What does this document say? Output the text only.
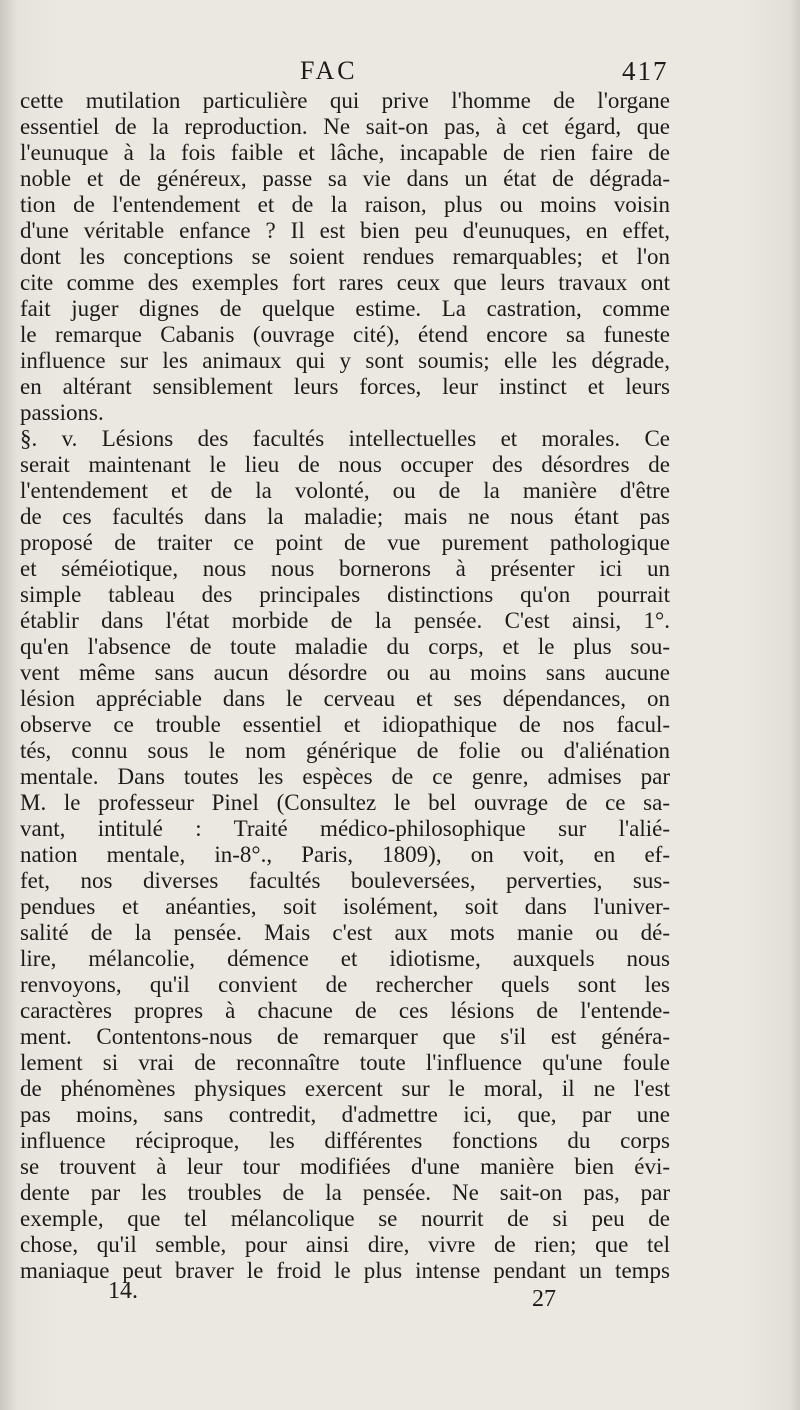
FAC	417
cette mutilation particulière qui prive l'homme de l'organe
essentiel de la reproduction. Ne sait-on pas, à cet égard, que
l'eunuque à la fois faible et lâche, incapable de rien faire de
noble et de généreux, passe sa vie dans un état de dégrada-
tion de l'entendement et de la raison, plus ou moins voisin
d'une véritable enfance ? Il est bien peu d'eunuques, en effet,
dont les conceptions se soient rendues remarquables; et l'on
cite comme des exemples fort rares ceux que leurs travaux ont
fait juger dignes de quelque estime. La castration, comme
le remarque Cabanis (ouvrage cité), étend encore sa funeste
influence sur les animaux qui y sont soumis; elle les dégrade,
en altérant sensiblement leurs forces, leur instinct et leurs
passions.
§. v. Lésions des facultés intellectuelles et morales. Ce
serait maintenant le lieu de nous occuper des désordres de
l'entendement et de la volonté, ou de la manière d'être
de ces facultés dans la maladie; mais ne nous étant pas
proposé de traiter ce point de vue purement pathologique
et séméiotique, nous nous bornerons à présenter ici un
simple tableau des principales distinctions qu'on pourrait
établir dans l'état morbide de la pensée. C'est ainsi, 1°.
qu'en l'absence de toute maladie du corps, et le plus sou-
vent même sans aucun désordre ou au moins sans aucune
lésion appréciable dans le cerveau et ses dépendances, on
observe ce trouble essentiel et idiopathique de nos facul-
tés, connu sous le nom générique de folie ou d'aliénation
mentale. Dans toutes les espèces de ce genre, admises par
M. le professeur Pinel (Consultez le bel ouvrage de ce sa-
vant, intitulé : Traité médico-philosophique sur l'alié-
nation mentale, in-8°., Paris, 1809), on voit, en ef-
fet, nos diverses facultés bouleversées, perverties, sus-
pendues et anéanties, soit isolément, soit dans l'univer-
salité de la pensée. Mais c'est aux mots manie ou dé-
lire, mélancolie, démence et idiotisme, auxquels nous
renvoyons, qu'il convient de rechercher quels sont les
caractères propres à chacune de ces lésions de l'entende-
ment. Contentons-nous de remarquer que s'il est généra-
lement si vrai de reconnaître toute l'influence qu'une foule
de phénomènes physiques exercent sur le moral, il ne l'est
pas moins, sans contredit, d'admettre ici, que, par une
influence réciproque, les différentes fonctions du corps
se trouvent à leur tour modifiées d'une manière bien évi-
dente par les troubles de la pensée. Ne sait-on pas, par
exemple, que tel mélancolique se nourrit de si peu de
chose, qu'il semble, pour ainsi dire, vivre de rien; que tel
maniaque peut braver le froid le plus intense pendant un temps
14.	27
